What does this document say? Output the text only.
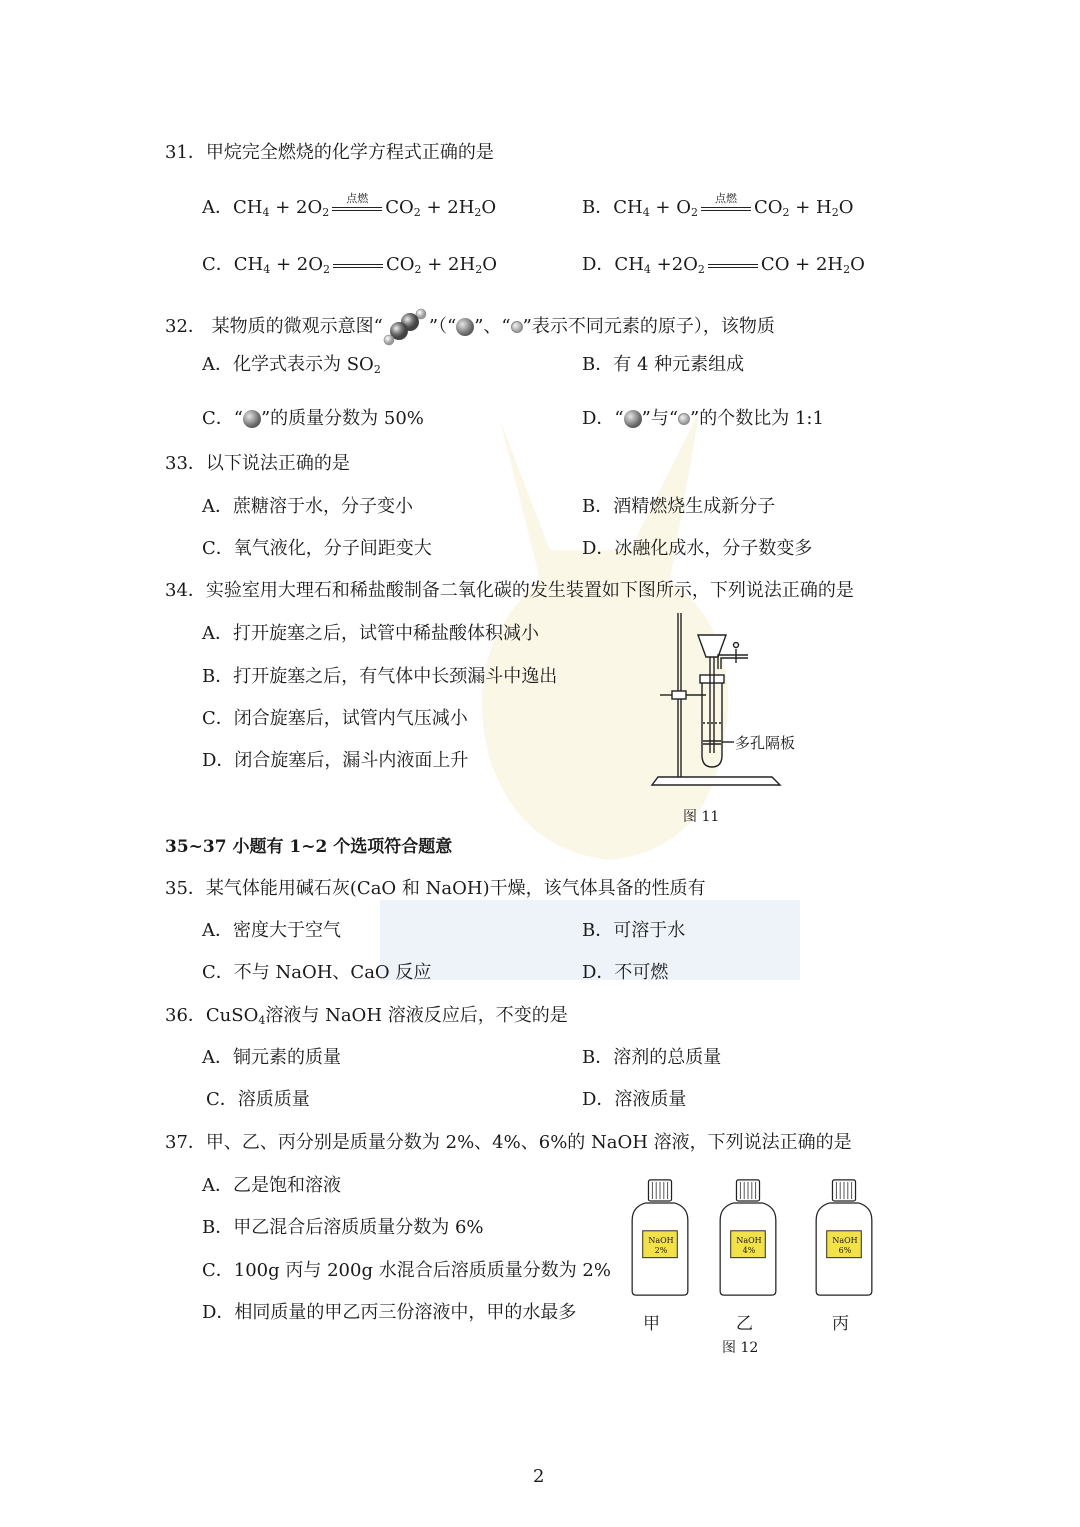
31．甲烷完全燃烧的化学方程式正确的是
A．$CH_4 + 2O_2$
点燃 $CO_2 + 2H_2O$	B．$CH_4 + O_2$
点燃 $CO_2 + H_2O$
C．$CH_4 + 2O_2$	$CO_2 + 2H_2O$	D．$CH_4 +2O_2$	CO + $2H_2O$
32． 某物质的微观示意图“	”（“ ”、“ ”表示不同元素的原子），该物质
A．化学式表示为 $SO_2$	B．有 4 种元素组成
C．“ ”的质量分数为 50%	D．“ ”与“ ”的个数比为 1:1
33．以下说法正确的是
A．蔗糖溶于水，分子变小	B．酒精燃烧生成新分子
C．氧气液化，分子间距变大	D．冰融化成水，分子数变多
34．实验室用大理石和稀盐酸制备二氧化碳的发生装置如下图所示，下列说法正确的是
A．打开旋塞之后，试管中稀盐酸体积减小
B．打开旋塞之后，有气体中长颈漏斗中逸出
C．闭合旋塞后，试管内气压减小
D．闭合旋塞后，漏斗内液面上升
多孔隔板
图 11
35~37 小题有 1~2 个选项符合题意
35．某气体能用碱石灰(CaO 和 NaOH)干燥，该气体具备的性质有
A．密度大于空气	B．可溶于水
C．不与 NaOH、CaO 反应	D．不可燃
36．CuSO$_4$溶液与 NaOH 溶液反应后，不变的是
A．铜元素的质量	B．溶剂的总质量
C．溶质质量	D．溶液质量
37．甲、乙、丙分别是质量分数为 2%、4%、6%的 NaOH 溶液，下列说法正确的是
A．乙是饱和溶液
B．甲乙混合后溶质质量分数为 6%
C．100g 丙与 200g 水混合后溶质质量分数为 2%
D．相同质量的甲乙丙三份溶液中，甲的水最多
NaOH
2%
甲
NaOH
4%
乙
NaOH
6%
丙
图 12
2
